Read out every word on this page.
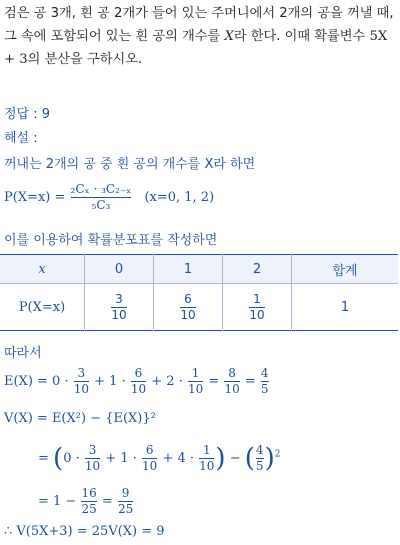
검은 공 3개, 흰 공 2개가 들어 있는 주머니에서 2개의 공을 꺼낼 때, 그 속에 포함되어 있는 흰 공의 개수를 X라 한다. 이때 확률변수 5X + 3의 분산을 구하시오.
정답 : 9
해설 :
꺼내는 2개의 공 중 흰 공의 개수를 X라 하면
$P(X=x) = \frac{\text{₂Cₓ · ₃C₂₋ₓ}}{\text{₅C₃}} (x=0$, 1, 2)
이를 이용하여 확률분포표를 작성하면
x	0	1	2	합계
P(X=x)	$\frac{3}{10}$	$\frac{6}{10}$	$\frac{1}{10}$	1
따라서
$E(X) = 0 \cdot \frac{3}{10} + 1 \cdot \frac{6}{10} + 2 \cdot \frac{1}{10} = \frac{8}{10} = \frac{4}{5}$
V(X) = E(X²) − {E(X)}²
= ($0 \cdot \frac{3}{10} + 1 \cdot \frac{6}{10} + 4 \cdot \frac{1}{10}$ ) − ( $\frac{4}{5} )^2$
= $1 - \frac{16}{25} = \frac{9}{25}$
∴ V(5X+3) = 25V(X) = 9
